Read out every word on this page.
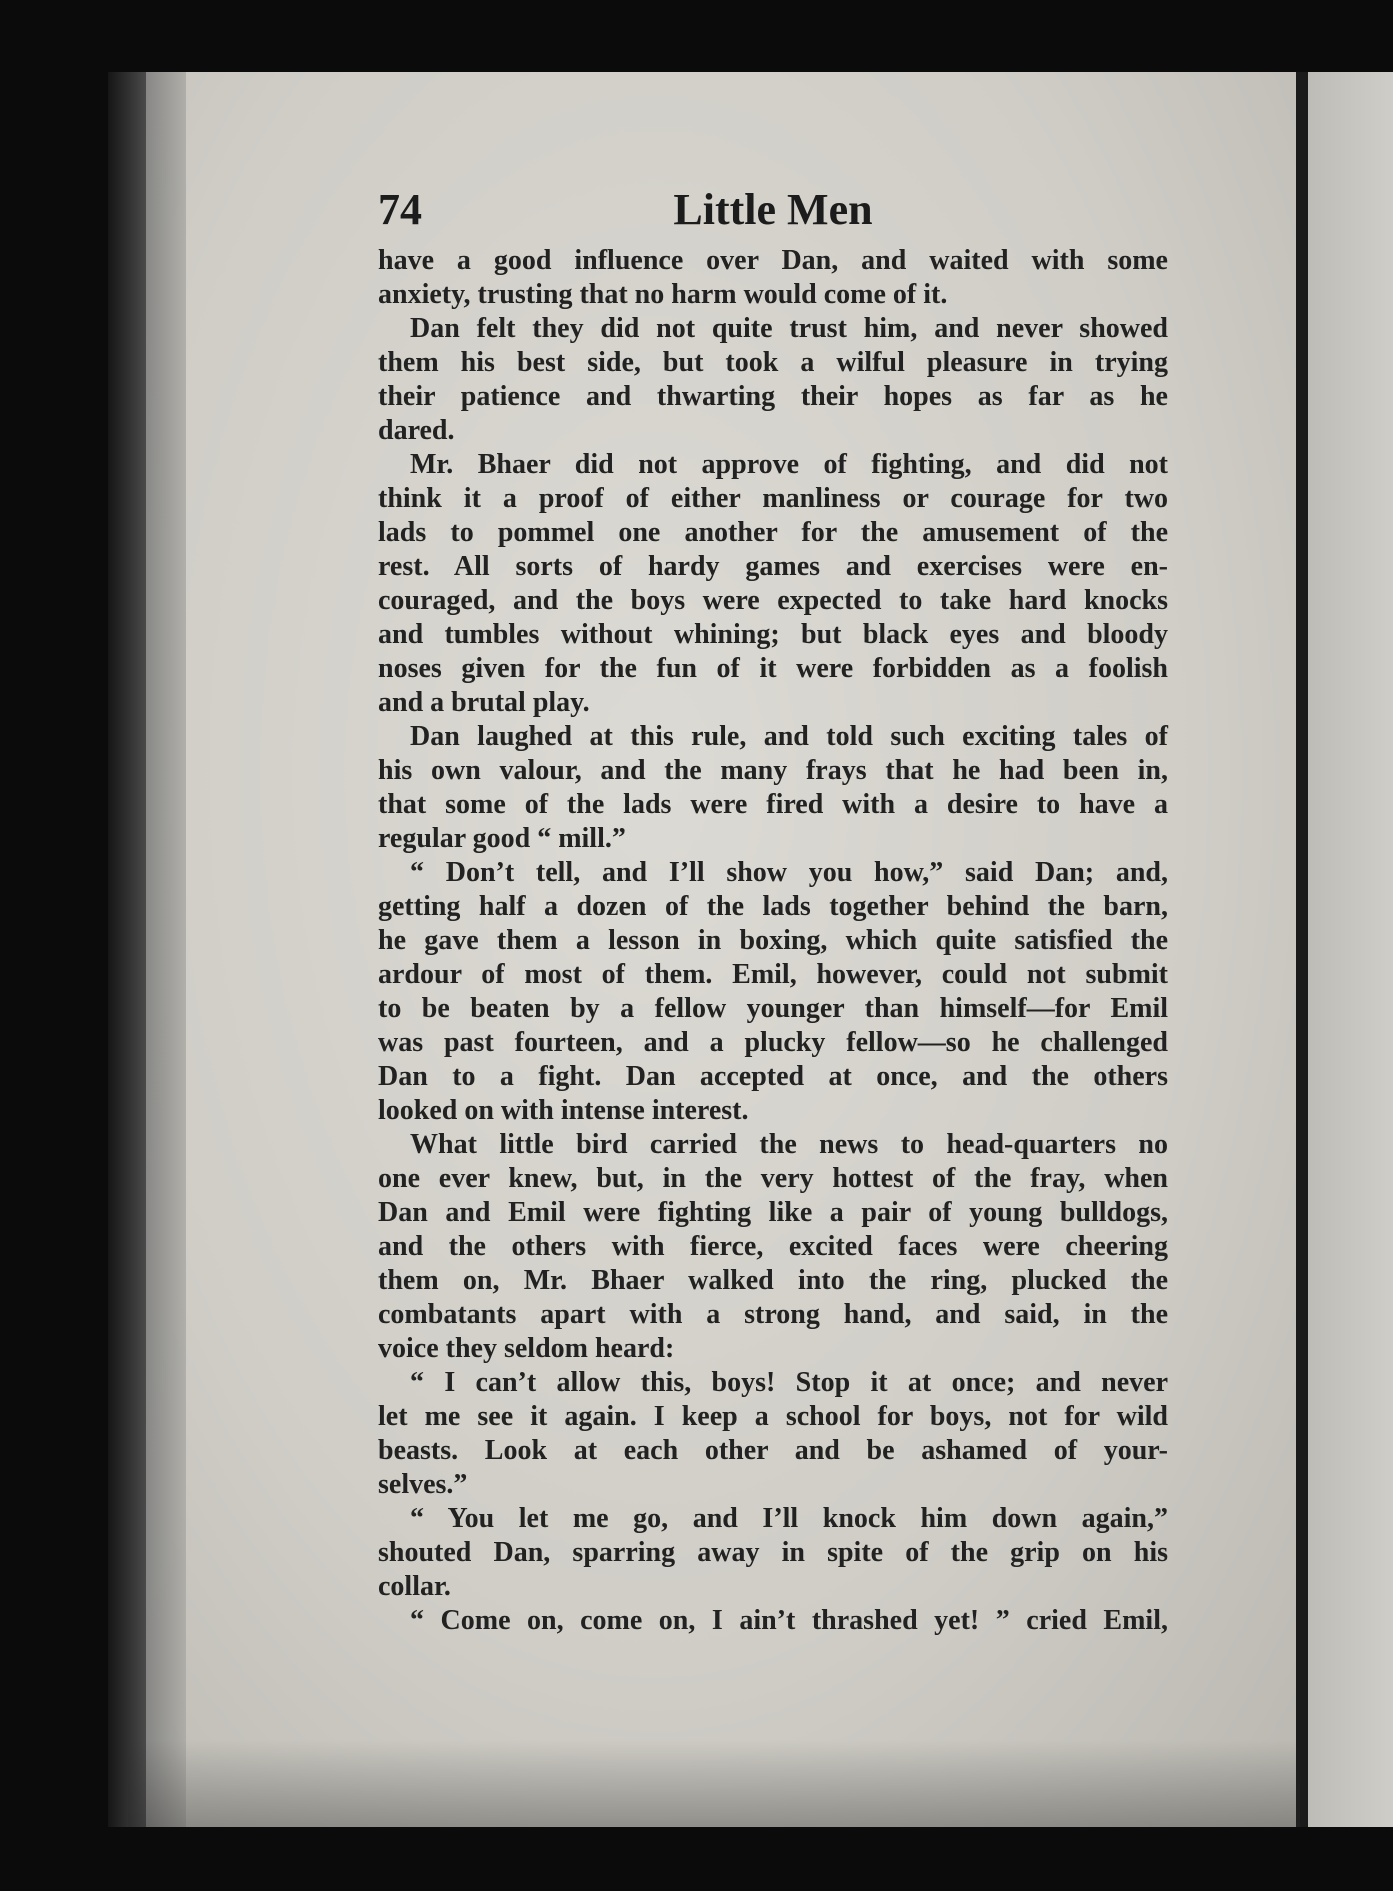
74	Little Men
have a good influence over Dan, and waited with some
anxiety, trusting that no harm would come of it.
Dan felt they did not quite trust him, and never showed
them his best side, but took a wilful pleasure in trying
their patience and thwarting their hopes as far as he
dared.
Mr. Bhaer did not approve of fighting, and did not
think it a proof of either manliness or courage for two
lads to pommel one another for the amusement of the
rest. All sorts of hardy games and exercises were en-
couraged, and the boys were expected to take hard knocks
and tumbles without whining; but black eyes and bloody
noses given for the fun of it were forbidden as a foolish
and a brutal play.
Dan laughed at this rule, and told such exciting tales of
his own valour, and the many frays that he had been in,
that some of the lads were fired with a desire to have a
regular good “ mill.”
“ Don’t tell, and I’ll show you how,” said Dan; and,
getting half a dozen of the lads together behind the barn,
he gave them a lesson in boxing, which quite satisfied the
ardour of most of them. Emil, however, could not submit
to be beaten by a fellow younger than himself—for Emil
was past fourteen, and a plucky fellow—so he challenged
Dan to a fight. Dan accepted at once, and the others
looked on with intense interest.
What little bird carried the news to head-quarters no
one ever knew, but, in the very hottest of the fray, when
Dan and Emil were fighting like a pair of young bulldogs,
and the others with fierce, excited faces were cheering
them on, Mr. Bhaer walked into the ring, plucked the
combatants apart with a strong hand, and said, in the
voice they seldom heard:
“ I can’t allow this, boys! Stop it at once; and never
let me see it again. I keep a school for boys, not for wild
beasts. Look at each other and be ashamed of your-
selves.”
“ You let me go, and I’ll knock him down again,”
shouted Dan, sparring away in spite of the grip on his
collar.
“ Come on, come on, I ain’t thrashed yet! ” cried Emil,
